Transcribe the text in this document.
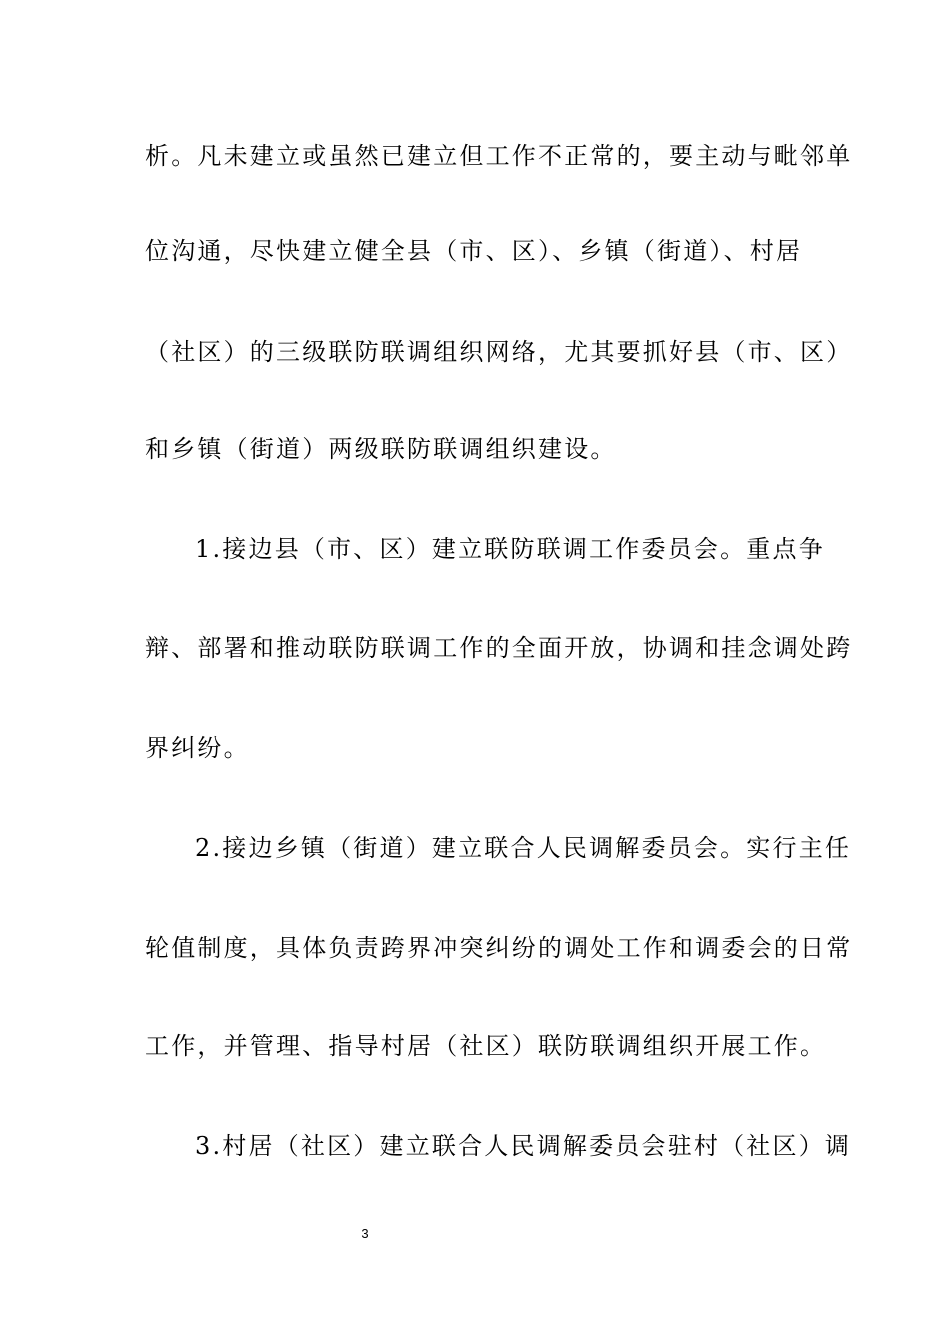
析。凡未建立或虽然已建立但工作不正常的，要主动与毗邻单
位沟通，尽快建立健全县（市、区）、乡镇（街道）、村居
（社区）的三级联防联调组织网络，尤其要抓好县（市、区）
和乡镇（街道）两级联防联调组织建设。
1.接边县（市、区）建立联防联调工作委员会。重点争
辩、部署和推动联防联调工作的全面开放，协调和挂念调处跨
界纠纷。
2.接边乡镇（街道）建立联合人民调解委员会。实行主任
轮值制度，具体负责跨界冲突纠纷的调处工作和调委会的日常
工作，并管理、指导村居（社区）联防联调组织开展工作。
3.村居（社区）建立联合人民调解委员会驻村（社区）调
3
